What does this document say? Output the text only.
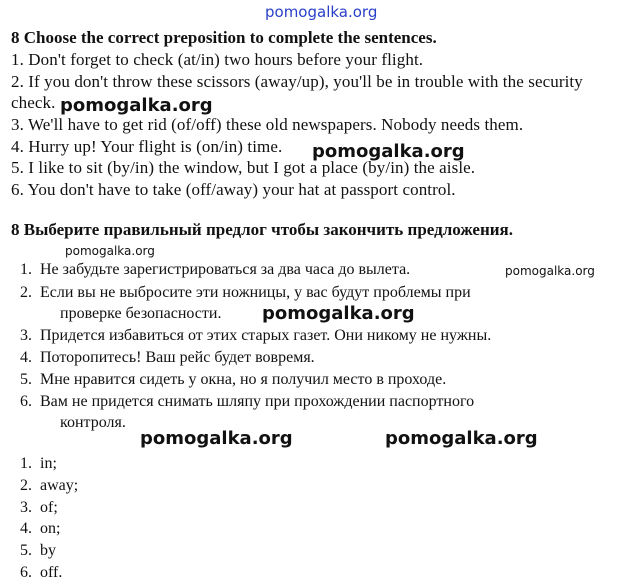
pomogalka.org
8 Choose the correct preposition to complete the sentences.
1. Don't forget to check (at/in) two hours before your flight.
2. If you don't throw these scissors (away/up), you'll be in trouble with the security
check. pomogalka.org
3. We'll have to get rid (of/off) these old newspapers. Nobody needs them.
4. Hurry up! Your flight is (on/in) time. pomogalka.org
5. I like to sit (by/in) the window, but I got a place (by/in) the aisle.
6. You don't have to take (off/away) your hat at passport control.
8 Выберите правильный предлог чтобы закончить предложения.
pomogalka.org
1. Не забудьте зарегистрироваться за два часа до вылета.	pomogalka.org
2. Если вы не выбросите эти ножницы, у вас будут проблемы при
проверке безопасности. pomogalka.org
3. Придется избавиться от этих старых газет. Они никому не нужны.
4. Поторопитесь! Ваш рейс будет вовремя.
5. Мне нравится сидеть у окна, но я получил место в проходе.
6. Вам не придется снимать шляпу при прохождении паспортного
контроля.
pomogalka.org	pomogalka.org
1. in;
2. away;
3. of;
4. on;
5. by
6. off.
